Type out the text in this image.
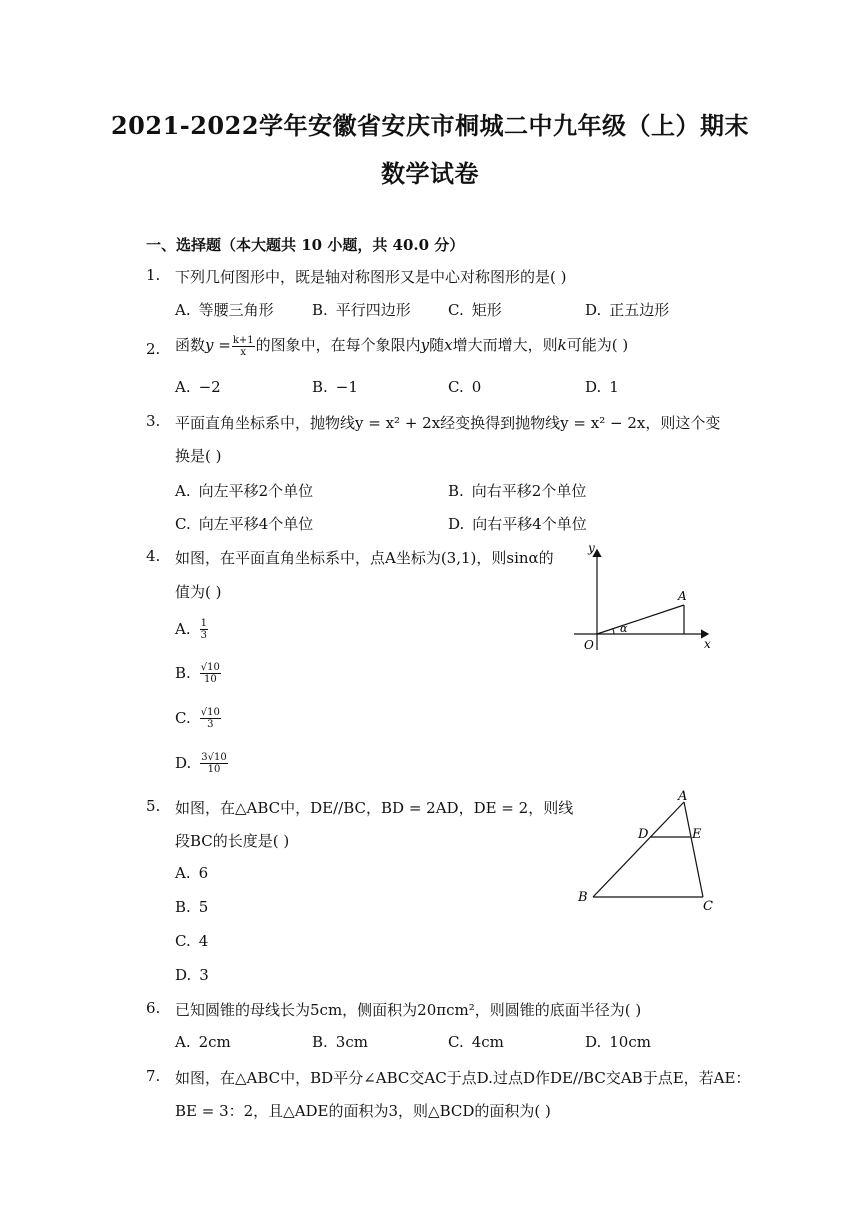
2021-2022学年安徽省安庆市桐城二中九年级（上）期末
数学试卷
一、选择题（本大题共 10 小题，共 40.0 分）
1. 下列几何图形中，既是轴对称图形又是中心对称图形的是( )
A. 等腰三角形	B. 平行四边形 C. 矩形	D. 正五边形
2. 函数$y = \frac{k+1}{x}$ 的图象中，在每个象限内y随x增大而增大，则k可能为( )
A. −2	B. −1	C. 0	D. 1
3. 平面直角坐标系中，抛物线y = x² + 2x经变换得到抛物线y = x² − 2x，则这个变
换是( )
A. 向左平移2个单位	B. 向右平移2个单位
C. 向左平移4个单位	D. 向右平移4个单位
4. 如图，在平面直角坐标系中，点A坐标为(3,1)，则sinα的
值为( )
A. $\frac{1}{3}$
B. $\frac{√10}{10}$
C. $\frac{√10}{3}$
D. $\frac{3√10}{10}$
y
x
O
A
α
5. 如图，在△ABC中，DE//BC，BD = 2AD，DE = 2，则线
段BC的长度是( )
A. 6
B. 5
C. 4
D. 3
A
D	E
B
C
6. 已知圆锥的母线长为5cm，侧面积为20πcm²，则圆锥的底面半径为( )
A. 2cm	B. 3cm	C. 4cm	D. 10cm
7. 如图，在△ABC中，BD平分∠ABC交AC于点D.过点D作DE//BC交AB于点E，若AE：
BE = 3：2，且△ADE的面积为3，则△BCD的面积为( )
